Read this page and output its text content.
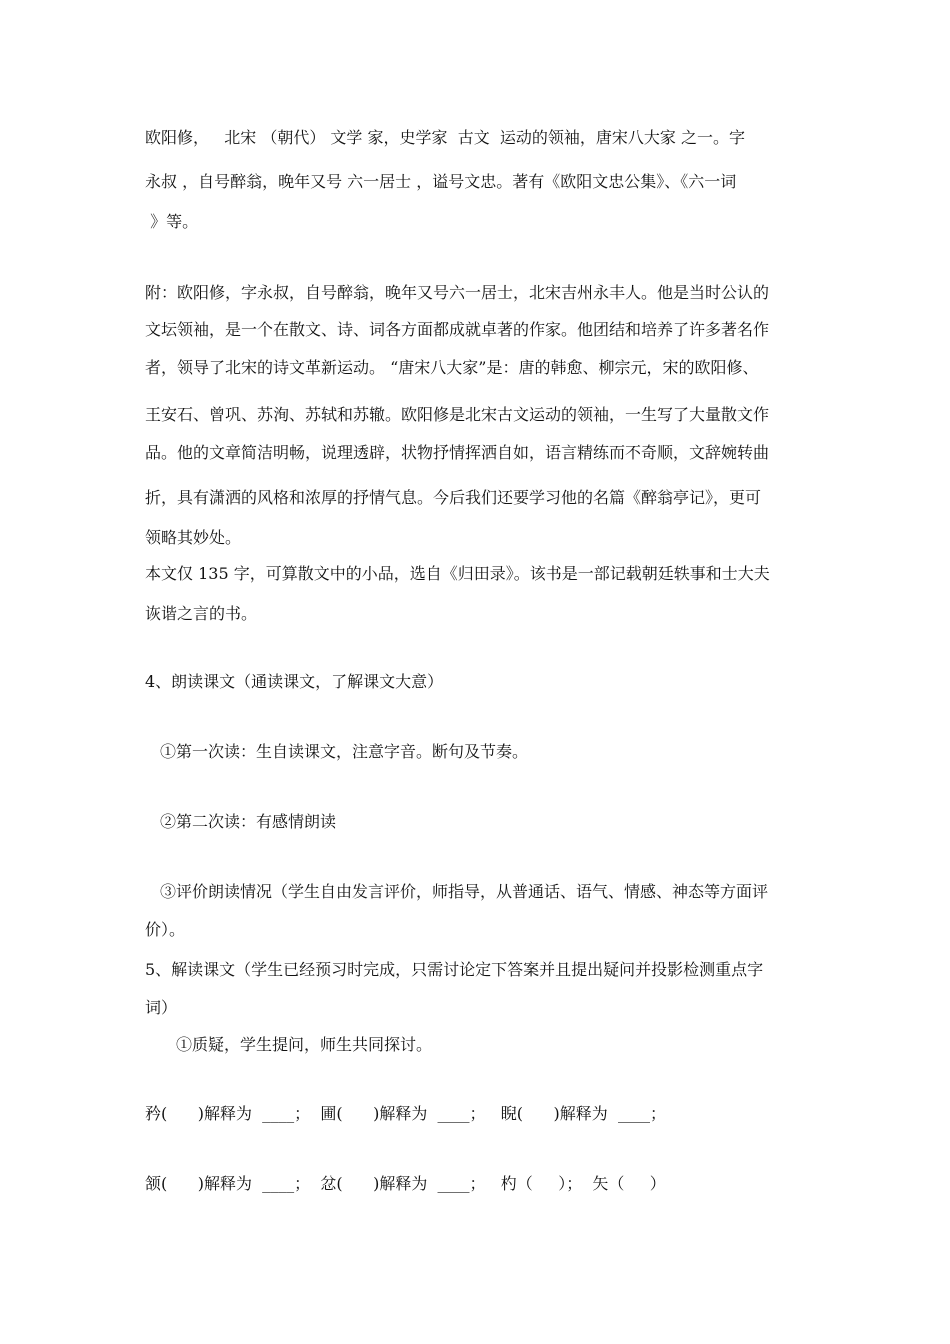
欧阳修，   北宋 （朝代） 文学 家，史学家  古文  运动的领袖，唐宋八大家 之一。字
永叔 ，自号醉翁，晚年又号 六一居士 ，谥号文忠。著有《欧阳文忠公集》、《六一词
》等。
附：欧阳修，字永叔，自号醉翁，晚年又号六一居士，北宋吉州永丰人。他是当时公认的
文坛领袖，是一个在散文、诗、词各方面都成就卓著的作家。他团结和培养了许多著名作
者，领导了北宋的诗文革新运动。 “唐宋八大家”是：唐的韩愈、柳宗元，宋的欧阳修、
王安石、曾巩、苏洵、苏轼和苏辙。欧阳修是北宋古文运动的领袖，一生写了大量散文作
品。他的文章简洁明畅，说理透辟，状物抒情挥洒自如，语言精练而不奇顺，文辞婉转曲
折，具有潇洒的风格和浓厚的抒情气息。今后我们还要学习他的名篇《醉翁亭记》，更可
领略其妙处。
本文仅 135 字，可算散文中的小品，选自《归田录》。该书是一部记载朝廷轶事和士大夫
诙谐之言的书。
4、朗读课文（通读课文，了解课文大意）
①第一次读：生自读课文，注意字音。断句及节奏。
②第二次读：有感情朗读
③评价朗读情况（学生自由发言评价，师指导，从普通话、语气、情感、神态等方面评
价）。
5、解读课文（学生已经预习时完成，只需讨论定下答案并且提出疑问并投影检测重点字
词）
①质疑，学生提问，师生共同探讨。
矜(      )解释为  ____；  圃(      )解释为  ____；   睨(      )解释为  ____；
颔(      )解释为  ____；  忿(      )解释为  ____；   杓（     ）；  矢（     ）
